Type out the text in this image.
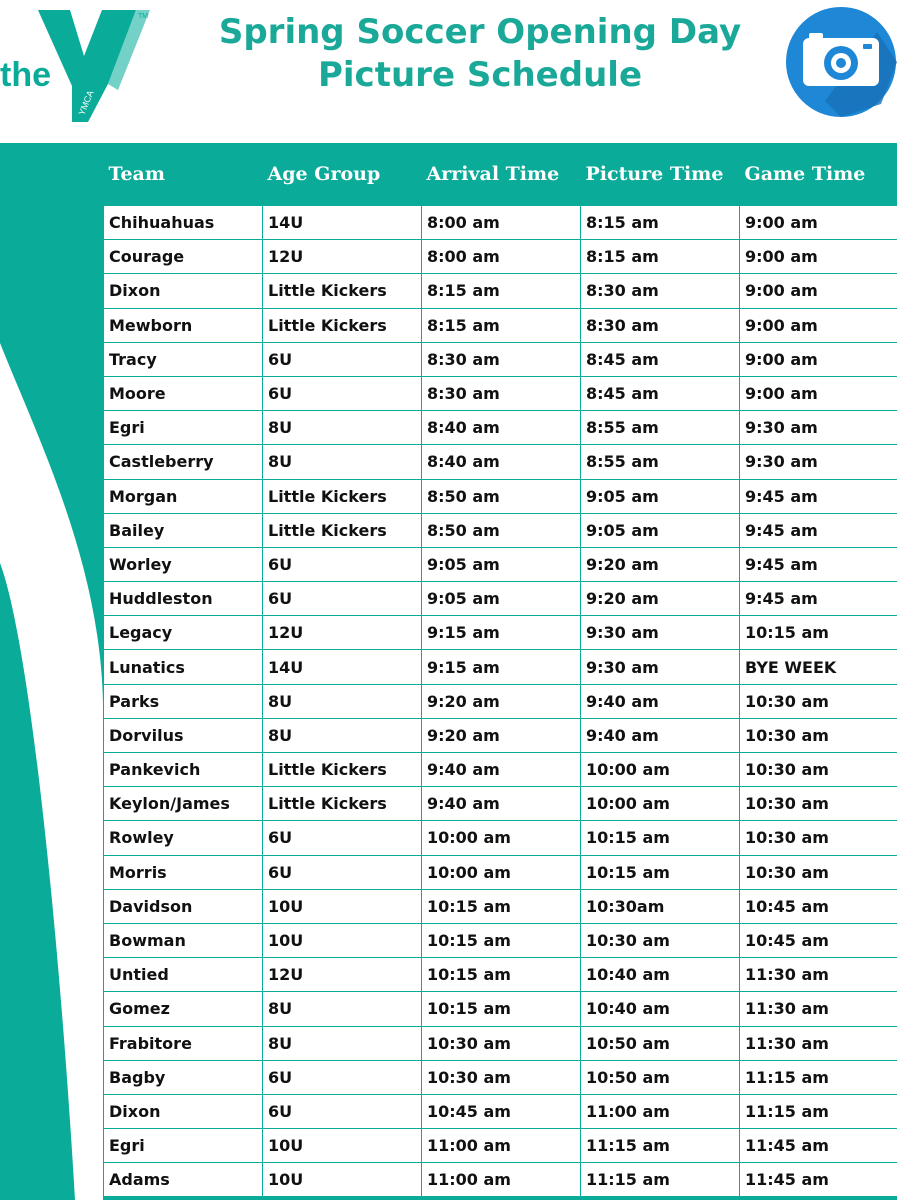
the
YMCA
TM	Spring Soccer Opening Day
Picture Schedule
Team	Age Group	Arrival Time	Picture Time	Game Time
Chihuahuas	14U	8:00 am	8:15 am	9:00 am
Courage	12U	8:00 am	8:15 am	9:00 am
Dixon	Little Kickers	8:15 am	8:30 am	9:00 am
Mewborn	Little Kickers	8:15 am	8:30 am	9:00 am
Tracy	6U	8:30 am	8:45 am	9:00 am
Moore	6U	8:30 am	8:45 am	9:00 am
Egri	8U	8:40 am	8:55 am	9:30 am
Castleberry	8U	8:40 am	8:55 am	9:30 am
Morgan	Little Kickers	8:50 am	9:05 am	9:45 am
Bailey	Little Kickers	8:50 am	9:05 am	9:45 am
Worley	6U	9:05 am	9:20 am	9:45 am
Huddleston	6U	9:05 am	9:20 am	9:45 am
Legacy	12U	9:15 am	9:30 am	10:15 am
Lunatics	14U	9:15 am	9:30 am	BYE WEEK
Parks	8U	9:20 am	9:40 am	10:30 am
Dorvilus	8U	9:20 am	9:40 am	10:30 am
Pankevich	Little Kickers	9:40 am	10:00 am	10:30 am
Keylon/James	Little Kickers	9:40 am	10:00 am	10:30 am
Rowley	6U	10:00 am	10:15 am	10:30 am
Morris	6U	10:00 am	10:15 am	10:30 am
Davidson	10U	10:15 am	10:30am	10:45 am
Bowman	10U	10:15 am	10:30 am	10:45 am
Untied	12U	10:15 am	10:40 am	11:30 am
Gomez	8U	10:15 am	10:40 am	11:30 am
Frabitore	8U	10:30 am	10:50 am	11:30 am
Bagby	6U	10:30 am	10:50 am	11:15 am
Dixon	6U	10:45 am	11:00 am	11:15 am
Egri	10U	11:00 am	11:15 am	11:45 am
Adams	10U	11:00 am	11:15 am	11:45 am
